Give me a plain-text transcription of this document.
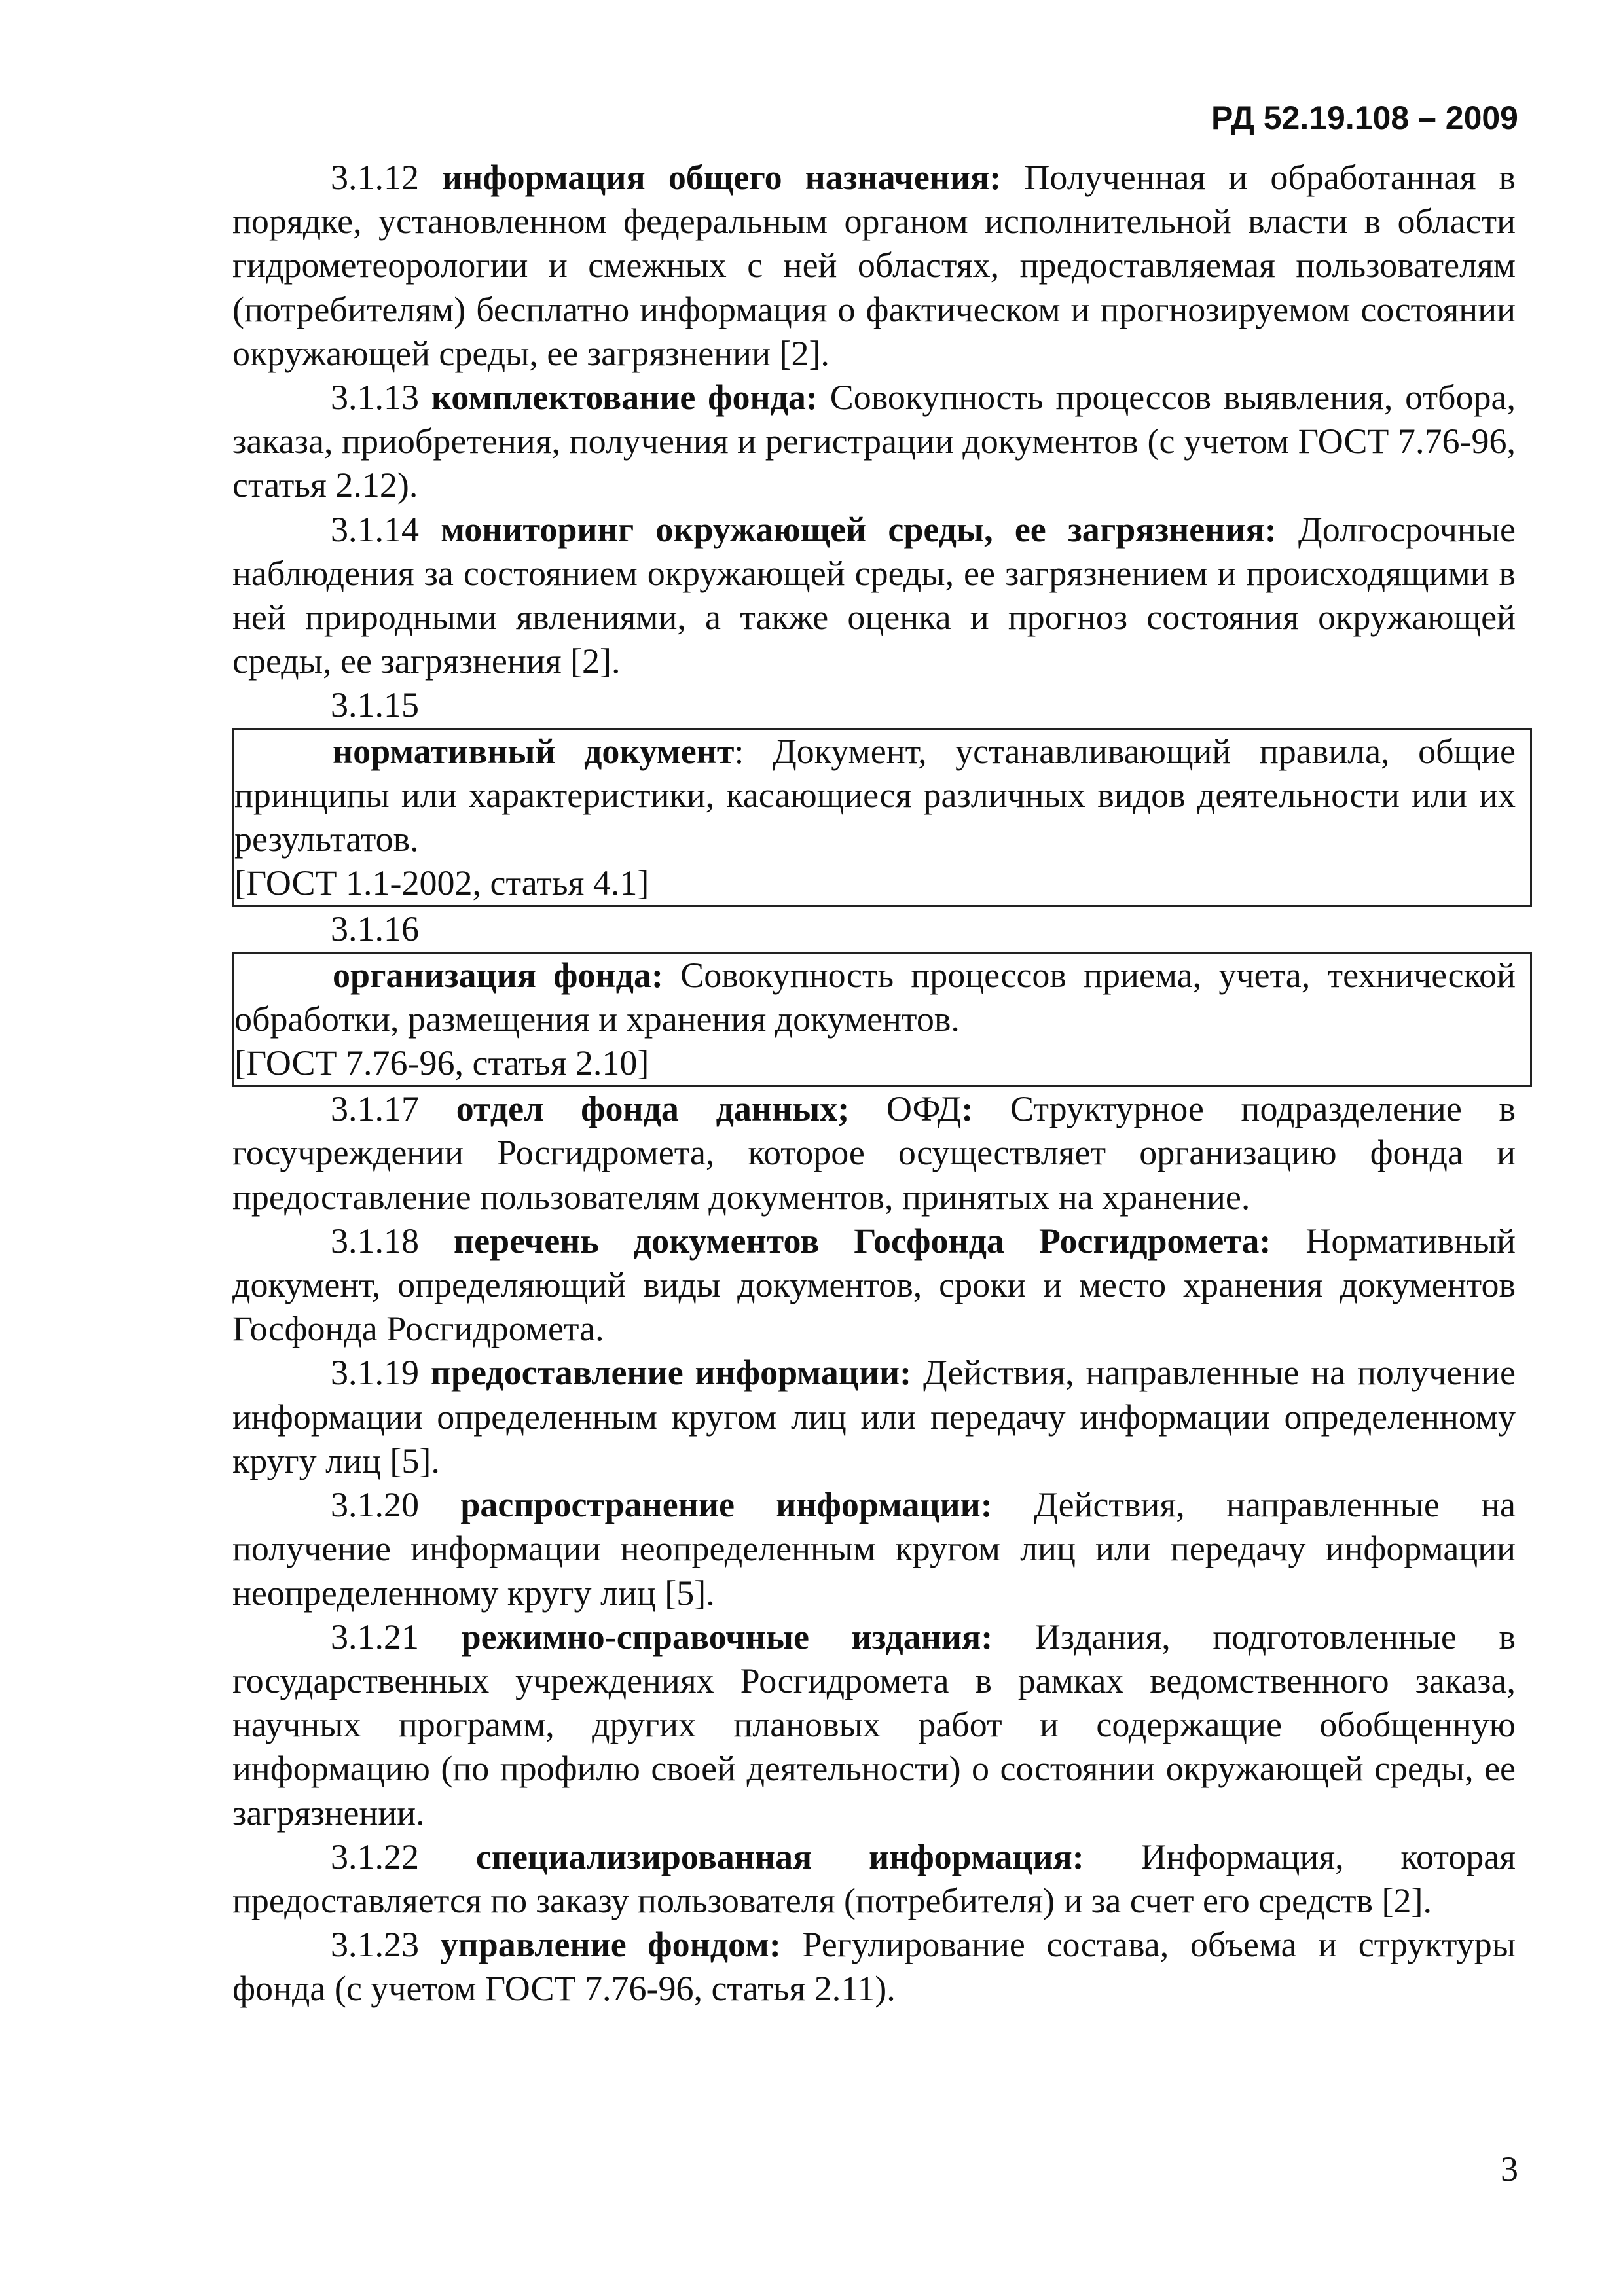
РД 52.19.108 – 2009

3.1.12 информация общего назначения: Полученная и обработанная в порядке, установленном федеральным органом исполнительной власти в области гидрометеорологии и смежных с ней областях, предоставляемая пользователям (потребителям) бесплатно информация о фактическом и прогнозируемом состоянии окружающей среды, ее загрязнении [2].

3.1.13 комплектование фонда: Совокупность процессов выявления, отбора, заказа, приобретения, получения и регистрации документов (с учетом ГОСТ 7.76-96, статья 2.12).

3.1.14 мониторинг окружающей среды, ее загрязнения: Долгосрочные наблюдения за состоянием окружающей среды, ее загрязнением и происходящими в ней природными явлениями, а также оценка и прогноз состояния окружающей среды, ее загрязнения [2].

3.1.15

нормативный документ: Документ, устанавливающий правила, общие принципы или характеристики, касающиеся различных видов деятельности или их результатов.

[ГОСТ 1.1-2002, статья 4.1]

3.1.16

организация фонда: Совокупность процессов приема, учета, технической обработки, размещения и хранения документов.

[ГОСТ 7.76-96, статья 2.10]

3.1.17 отдел фонда данных; ОФД: Структурное подразделение в госучреждении Росгидромета, которое осуществляет организацию фонда и предоставление пользователям документов, принятых на хранение.

3.1.18 перечень документов Госфонда Росгидромета: Нормативный документ, определяющий виды документов, сроки и место хранения документов Госфонда Росгидромета.

3.1.19 предоставление информации: Действия, направленные на получение информации определенным кругом лиц или передачу информации определенному кругу лиц [5].

3.1.20 распространение информации: Действия, направленные на получение информации неопределенным кругом лиц или передачу информации неопределенному кругу лиц [5].

3.1.21 режимно-справочные издания: Издания, подготовленные в государственных учреждениях Росгидромета в рамках ведомственного заказа, научных программ, других плановых работ и содержащие обобщенную информацию (по профилю своей деятельности) о состоянии окружающей среды, ее загрязнении.

3.1.22 специализированная информация: Информация, которая предоставляется по заказу пользователя (потребителя) и за счет его средств [2].

3.1.23 управление фондом: Регулирование состава, объема и структуры фонда (с учетом ГОСТ 7.76-96, статья 2.11).

3
